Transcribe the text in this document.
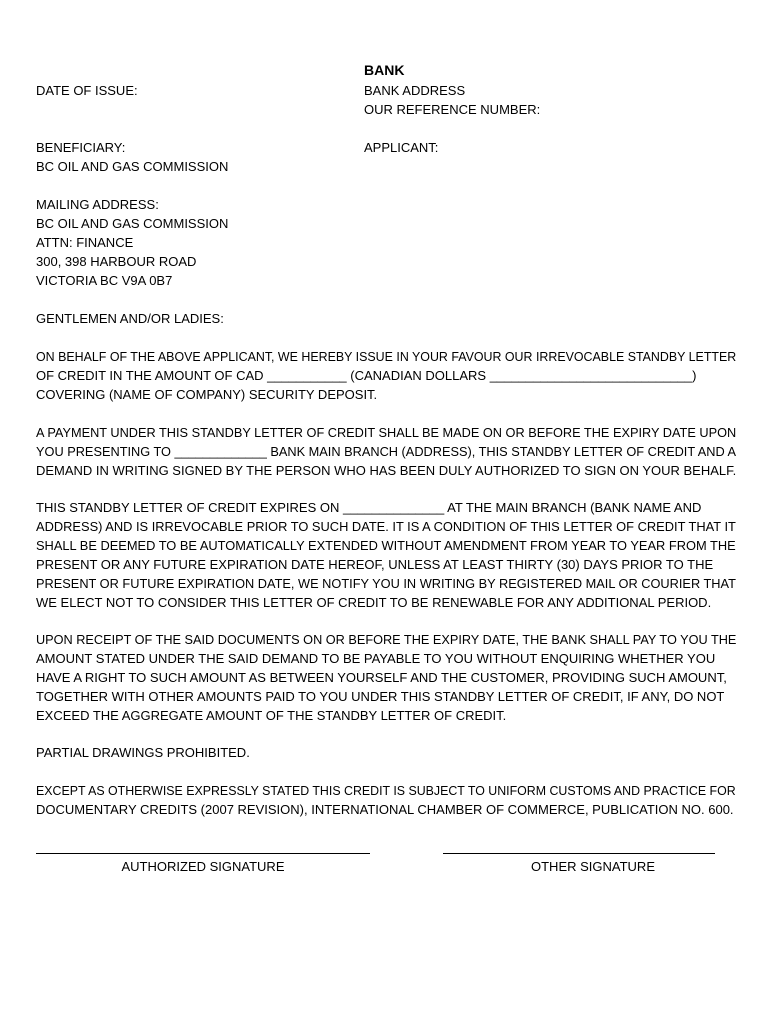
BANK
DATE OF ISSUE:	BANK ADDRESS
OUR REFERENCE NUMBER:
BENEFICIARY:
BC OIL AND GAS COMMISSION
APPLICANT:
MAILING ADDRESS:
BC OIL AND GAS COMMISSION
ATTN: FINANCE
300, 398 HARBOUR ROAD
VICTORIA BC V9A 0B7
GENTLEMEN AND/OR LADIES:
ON BEHALF OF THE ABOVE APPLICANT, WE HEREBY ISSUE IN YOUR FAVOUR OUR IRREVOCABLE STANDBY LETTER
OF CREDIT IN THE AMOUNT OF CAD ___________ (CANADIAN DOLLARS ____________________________)
COVERING (NAME OF COMPANY) SECURITY DEPOSIT.
A PAYMENT UNDER THIS STANDBY LETTER OF CREDIT SHALL BE MADE ON OR BEFORE THE EXPIRY DATE UPON
YOU PRESENTING TO _____________ BANK MAIN BRANCH (ADDRESS), THIS STANDBY LETTER OF CREDIT AND A
DEMAND IN WRITING SIGNED BY THE PERSON WHO HAS BEEN DULY AUTHORIZED TO SIGN ON YOUR BEHALF.
THIS STANDBY LETTER OF CREDIT EXPIRES ON ______________ AT THE MAIN BRANCH (BANK NAME AND
ADDRESS) AND IS IRREVOCABLE PRIOR TO SUCH DATE. IT IS A CONDITION OF THIS LETTER OF CREDIT THAT IT
SHALL BE DEEMED TO BE AUTOMATICALLY EXTENDED WITHOUT AMENDMENT FROM YEAR TO YEAR FROM THE
PRESENT OR ANY FUTURE EXPIRATION DATE HEREOF, UNLESS AT LEAST THIRTY (30) DAYS PRIOR TO THE
PRESENT OR FUTURE EXPIRATION DATE, WE NOTIFY YOU IN WRITING BY REGISTERED MAIL OR COURIER THAT
WE ELECT NOT TO CONSIDER THIS LETTER OF CREDIT TO BE RENEWABLE FOR ANY ADDITIONAL PERIOD.
UPON RECEIPT OF THE SAID DOCUMENTS ON OR BEFORE THE EXPIRY DATE, THE BANK SHALL PAY TO YOU THE
AMOUNT STATED UNDER THE SAID DEMAND TO BE PAYABLE TO YOU WITHOUT ENQUIRING WHETHER YOU
HAVE A RIGHT TO SUCH AMOUNT AS BETWEEN YOURSELF AND THE CUSTOMER, PROVIDING SUCH AMOUNT,
TOGETHER WITH OTHER AMOUNTS PAID TO YOU UNDER THIS STANDBY LETTER OF CREDIT, IF ANY, DO NOT
EXCEED THE AGGREGATE AMOUNT OF THE STANDBY LETTER OF CREDIT.
PARTIAL DRAWINGS PROHIBITED.
EXCEPT AS OTHERWISE EXPRESSLY STATED THIS CREDIT IS SUBJECT TO UNIFORM CUSTOMS AND PRACTICE FOR
DOCUMENTARY CREDITS (2007 REVISION), INTERNATIONAL CHAMBER OF COMMERCE, PUBLICATION NO. 600.
AUTHORIZED SIGNATURE	OTHER SIGNATURE
